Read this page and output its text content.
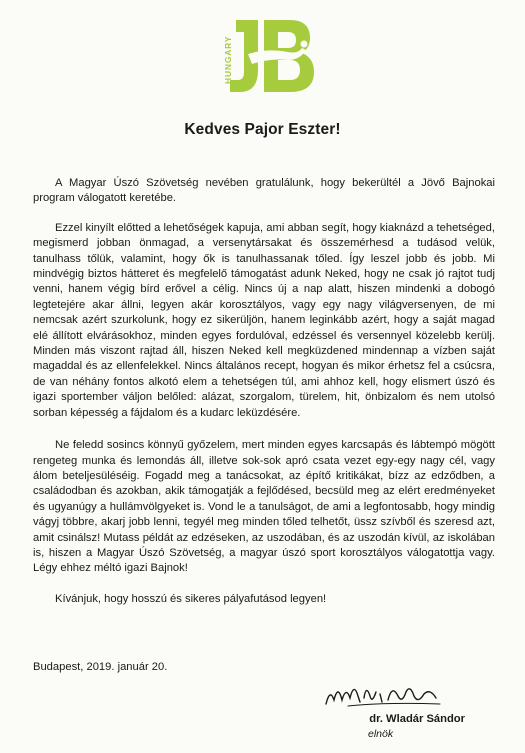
HUNGARY
Kedves Pajor Eszter!

A Magyar Úszó Szövetség nevében gratulálunk, hogy bekerültél a Jövő Bajnokai program válogatott keretébe.

Ezzel kinyílt előtted a lehetőségek kapuja, ami abban segít, hogy kiaknázd a tehetséged, megismerd jobban önmagad, a versenytársakat és összemérhesd a tudásod velük, tanulhass tőlük, valamint, hogy ők is tanulhassanak tőled. Így leszel jobb és jobb. Mi mindvégig biztos hátteret és megfelelő támogatást adunk Neked, hogy ne csak jó rajtot tudj venni, hanem végig bírd erővel a célig. Nincs új a nap alatt, hiszen mindenki a dobogó legtetejére akar állni, legyen akár korosztályos, vagy egy nagy világversenyen, de mi nemcsak azért szurkolunk, hogy ez sikerüljön, hanem leginkább azért, hogy a saját magad elé állított elvárásokhoz, minden egyes fordulóval, edzéssel és versennyel közelebb kerülj. Minden más viszont rajtad áll, hiszen Neked kell megküzdened mindennap a vízben saját magaddal és az ellenfelekkel. Nincs általános recept, hogyan és mikor érhetsz fel a csúcsra, de van néhány fontos alkotó elem a tehetségen túl, ami ahhoz kell, hogy elismert úszó és igazi sportember váljon belőled: alázat, szorgalom, türelem, hit, önbizalom és nem utolsó sorban képesség a fájdalom és a kudarc leküzdésére.

Ne feledd sosincs könnyű győzelem, mert minden egyes karcsapás és lábtempó mögött rengeteg munka és lemondás áll, illetve sok-sok apró csata vezet egy-egy nagy cél, vagy álom beteljesüléséig. Fogadd meg a tanácsokat, az építő kritikákat, bízz az edződben, a családodban és azokban, akik támogatják a fejlődésed, becsüld meg az elért eredményeket és ugyanúgy a hullámvölgyeket is. Vond le a tanulságot, de ami a legfontosabb, hogy mindig vágyj többre, akarj jobb lenni, tegyél meg minden tőled telhetőt, üssz szívből és szeresd azt, amit csinálsz! Mutass példát az edzéseken, az uszodában, és az uszodán kívül, az iskolában is, hiszen a Magyar Úszó Szövetség, a magyar úszó sport korosztályos válogatottja vagy. Légy ehhez méltó igazi Bajnok!

Kívánjuk, hogy hosszú és sikeres pályafutásod legyen!

Budapest, 2019. január 20.
dr. Wladár Sándor
elnök
